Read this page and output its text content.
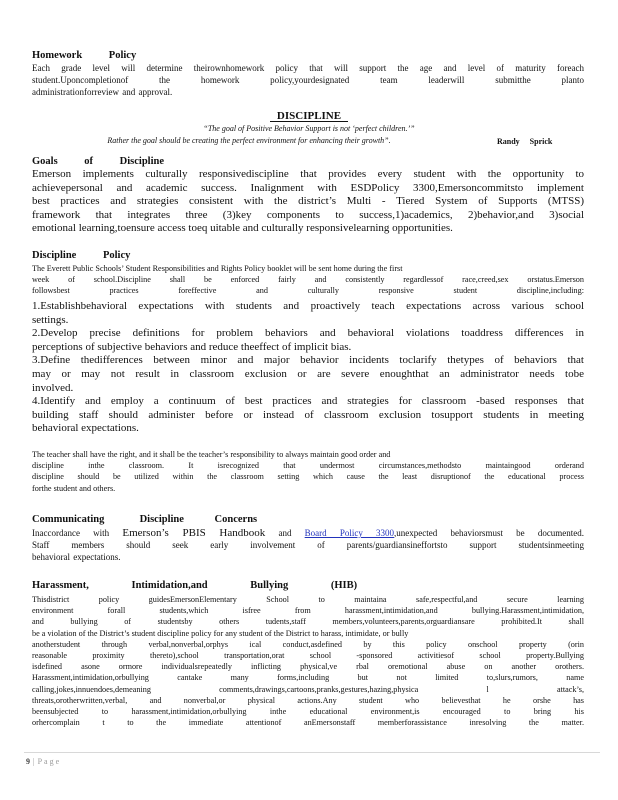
Homework Policy
Each grade level will determine theirownhomework policy that will support the age and level of maturity foreach
student.Uponcompletionof the homework policy,yourdesignated team leaderwill submitthe planto
administrationforreview and approval.
DISCIPLINE
“The goal of Positive Behavior Support is not ‘perfect children.’”
Rather the goal should be creating the perfect environment for enhancing their growth”.	Randy Sprick
Goals of Discipline
Emerson implements culturally responsivediscipline that provides every student with the opportunity to
achievepersonal and academic success. Inalignment with ESDPolicy 3300,Emersoncommitsto implement
best practices and strategies consistent with the district’s Multi - Tiered System of Supports (MTSS)
framework that integrates three (3)key components to success,1)academics, 2)behavior,and 3)social
emotional learning,toensure access toeq uitable and culturally responsivelearning opportunities.
Discipline Policy
The Everett Public Schools’ Student Responsibilities and Rights Policy booklet will be sent home during the first
week of school.Discipline shall be enforced fairly and consistently regardlessof race,creed,sex orstatus.Emerson
followsbest practices foreffective and culturally responsive student discipline,including:
1.Establishbehavioral expectations with students and proactively teach expectations across various school
settings.
2.Develop precise definitions for problem behaviors and behavioral violations toaddress differences in
perceptions of subjective behaviors and reduce theeffect of implicit bias.
3.Define thedifferences between minor and major behavior incidents toclarify thetypes of behaviors that
may or may not result in classroom exclusion or are severe enoughthat an administrator needs tobe
involved.
4.Identify and employ a continuum of best practices and strategies for classroom -based responses that
building staff should administer before or instead of classroom exclusion tosupport students in meeting
behavioral expectations.
The teacher shall have the right, and it shall be the teacher’s responsibility to always maintain good order and
discipline inthe classroom. It isrecognized that undermost circumstances,methodsto maintaingood orderand
discipline should be utilized within the classroom setting which cause the least disruptionof the educational process
forthe student and others.
Communicating	Discipline Concerns
Inaccordance with Emerson’s PBIS Handbook and Board Policy 3300,unexpected behaviorsmust be documented.
Staff members should seek early involvement of parents/guardiansineffortsto support studentsinmeeting
behavioral expectations.
Harassment, Intimidation,and Bullying (HIB)
Thisdistrict policy guidesEmersonElementary School to maintaina safe,respectful,and secure learning
environment forall students,which isfree from harassment,intimidation,and bullying.Harassment,intimidation,
and bullying of studentsby others tudents,staff members,volunteers,parents,orguardiansare prohibited.It shall
be a violation of the District’s student discipline policy for any student of the District to harass, intimidate, or bully
anotherstudent through verbal,nonverbal,orphys ical conduct,asdefined by this policy onschool property (orin
reasonable proximity thereto),school transportation,orat school -sponsored activitiesof school property.Bullying
isdefined asone ormore individualsrepeatedly inflicting physical,ve rbal oremotional abuse on another orothers.
Harassment,intimidation,orbullying cantake many forms,including but not limited to,slurs,rumors, name
calling,jokes,innuendoes,demeaning comments,drawings,cartoons,pranks,gestures,hazing,physica l attack’s,
threats,orotherwritten,verbal, and nonverbal,or physical actions.Any student who believesthat he orshe has
beensubjected to harassment,intimidation,orbullying inthe educational environment,is encouraged to bring his
orhercomplain t to the immediate attentionof anEmersonstaff memberforassistance inresolving the matter.
9 | Page
